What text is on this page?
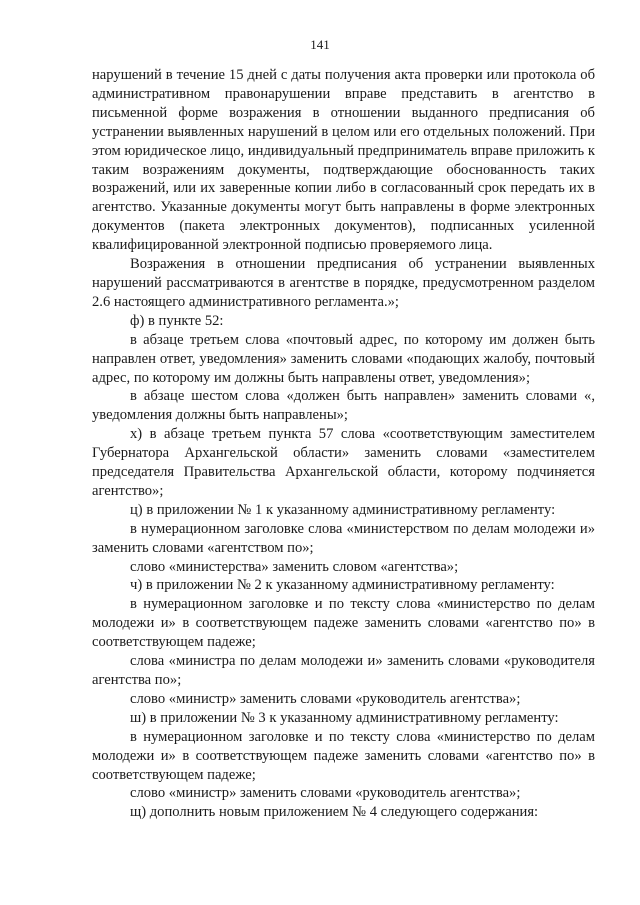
141

нарушений в течение 15 дней с даты получения акта проверки или протокола об административном правонарушении вправе представить в агентство в письменной форме возражения в отношении выданного предписания об устранении выявленных нарушений в целом или его отдельных положений. При этом юридическое лицо, индивидуальный предприниматель вправе приложить к таким возражениям документы, подтверждающие обоснованность таких возражений, или их заверенные копии либо в согласованный срок передать их в агентство. Указанные документы могут быть направлены в форме электронных документов (пакета электронных документов), подписанных усиленной квалифицированной электронной подписью проверяемого лица.

Возражения в отношении предписания об устранении выявленных нарушений рассматриваются в агентстве в порядке, предусмотренном разделом 2.6 настоящего административного регламента.»;

ф) в пункте 52:

в абзаце третьем слова «почтовый адрес, по которому им должен быть направлен ответ, уведомления» заменить словами «подающих жалобу, почтовый адрес, по которому им должны быть направлены ответ, уведомления»;

в абзаце шестом слова «должен быть направлен» заменить словами «, уведомления должны быть направлены»;

х) в абзаце третьем пункта 57 слова «соответствующим заместителем Губернатора Архангельской области» заменить словами «заместителем председателя Правительства Архангельской области, которому подчиняется агентство»;

ц) в приложении № 1 к указанному административному регламенту:

в нумерационном заголовке слова «министерством по делам молодежи и» заменить словами «агентством по»;

слово «министерства» заменить словом «агентства»;

ч) в приложении № 2 к указанному административному регламенту:

в нумерационном заголовке и по тексту слова «министерство по делам молодежи и» в соответствующем падеже заменить словами «агентство по» в соответствующем падеже;

слова «министра по делам молодежи и» заменить словами «руководителя агентства по»;

слово «министр» заменить словами «руководитель агентства»;

ш) в приложении № 3 к указанному административному регламенту:

в нумерационном заголовке и по тексту слова «министерство по делам молодежи и» в соответствующем падеже заменить словами «агентство по» в соответствующем падеже;

слово «министр» заменить словами «руководитель агентства»;

щ) дополнить новым приложением № 4 следующего содержания:
